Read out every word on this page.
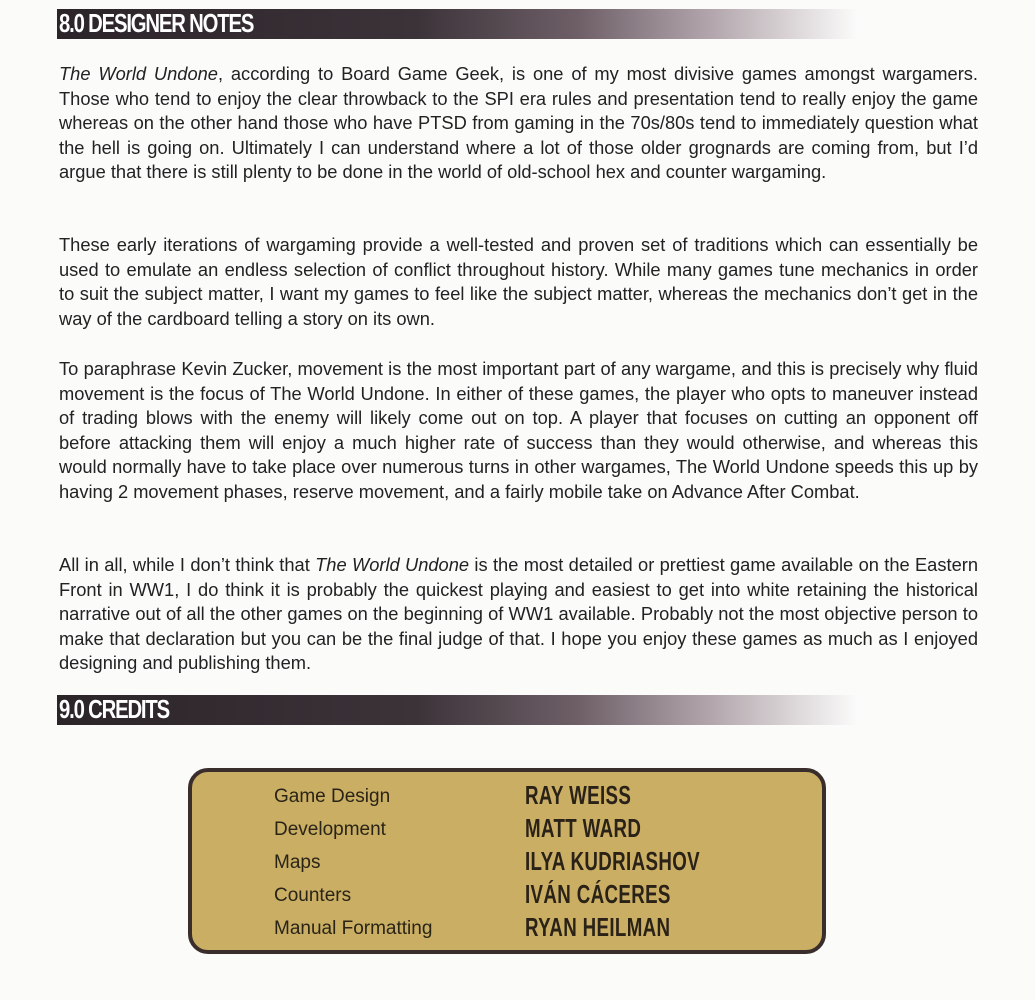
8.0 DESIGNER NOTES

The World Undone, according to Board Game Geek, is one of my most divisive games amongst wargamers. Those who tend to enjoy the clear throwback to the SPI era rules and presentation tend to really enjoy the game whereas on the other hand those who have PTSD from gaming in the 70s/80s tend to immediately question what the hell is going on. Ultimately I can understand where a lot of those older grognards are coming from, but I’d argue that there is still plenty to be done in the world of old-school hex and counter wargaming.

These early iterations of wargaming provide a well-tested and proven set of traditions which can essentially be used to emulate an endless selection of conflict throughout history. While many games tune mechanics in order to suit the subject matter, I want my games to feel like the subject matter, whereas the mechanics don’t get in the way of the cardboard telling a story on its own.

To paraphrase Kevin Zucker, movement is the most important part of any wargame, and this is precisely why fluid movement is the focus of The World Undone. In either of these games, the player who opts to maneuver instead of trading blows with the enemy will likely come out on top. A player that focuses on cutting an opponent off before attacking them will enjoy a much higher rate of success than they would otherwise, and whereas this would normally have to take place over numerous turns in other wargames, The World Undone speeds this up by having 2 movement phases, reserve movement, and a fairly mobile take on Advance After Combat.

All in all, while I don’t think that The World Undone is the most detailed or prettiest game available on the Eastern Front in WW1, I do think it is probably the quickest playing and easiest to get into white retaining the historical narrative out of all the other games on the beginning of WW1 available. Probably not the most objective person to make that declaration but you can be the final judge of that. I hope you enjoy these games as much as I enjoyed designing and publishing them.

9.0 CREDITS
Game Design	RAY WEISS
Development	MATT WARD
Maps	ILYA KUDRIASHOV
Counters	IVÁN CÁCERES
Manual Formatting	RYAN HEILMAN
